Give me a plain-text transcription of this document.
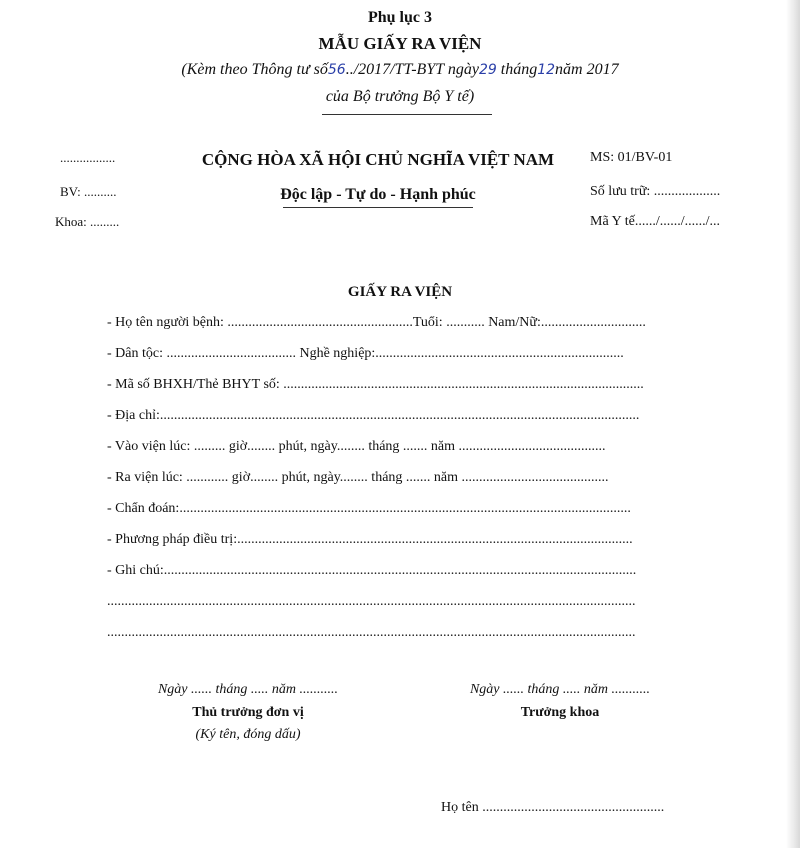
Phụ lục 3
MẪU GIẤY RA VIỆN
(Kèm theo Thông tư số56../2017/TT-BYT ngày29 tháng12năm 2017
của Bộ trưởng Bộ Y tế)
.................
BV: ..........
Khoa: .........
CỘNG HÒA XÃ HỘI CHỦ NGHĨA VIỆT NAM
Độc lập - Tự do - Hạnh phúc
MS: 01/BV-01
Số lưu trữ: ...................
Mã Y tế....../....../....../...
GIẤY RA VIỆN
- Họ tên người bệnh: .....................................................Tuổi: ........... Nam/Nữ:..............................
- Dân tộc: ..................................... Nghề nghiệp:.......................................................................
- Mã số BHXH/Thẻ BHYT số: .......................................................................................................
- Địa chỉ:.........................................................................................................................................
- Vào viện lúc: ......... giờ........ phút, ngày........ tháng ....... năm ..........................................
- Ra viện lúc: ............ giờ........ phút, ngày........ tháng ....... năm ..........................................
- Chẩn đoán:.................................................................................................................................
- Phương pháp điều trị:.................................................................................................................
- Ghi chú:.......................................................................................................................................
.......................................................................................................................................................
.......................................................................................................................................................
Ngày ...... tháng ..... năm ...........
Thủ trưởng đơn vị
(Ký tên, đóng dấu)
Ngày ...... tháng ..... năm ...........
Trưởng khoa
Họ tên ....................................................
